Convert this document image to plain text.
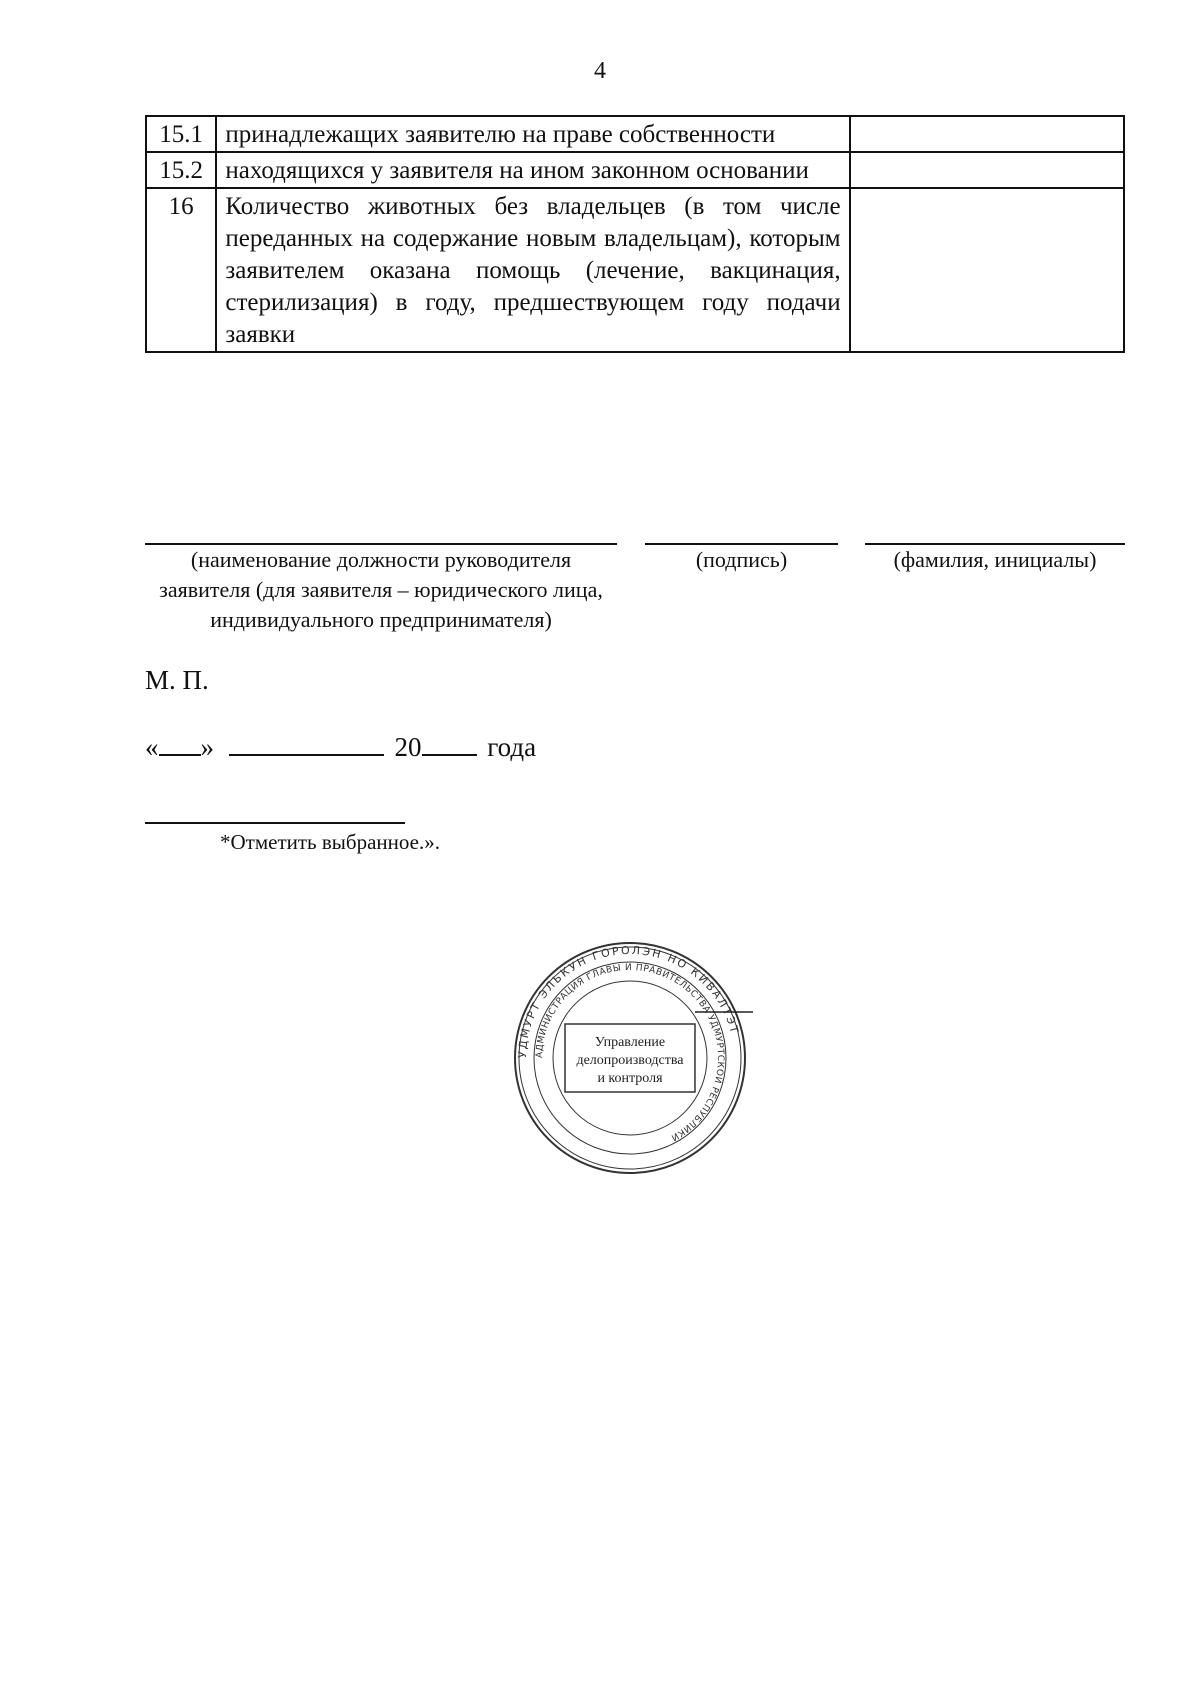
4
15.1	принадлежащих заявителю на праве собственности	
15.2	находящихся у заявителя на ином законном основании	
16	Количество животных без владельцев (в том числе переданных на содержание новым владельцам), которым заявителем оказана помощь (лечение, вакцинация, стерилизация) в году, предшествующем году подачи заявки	
(наименование должности руководителя заявителя (для заявителя – юридического лица, индивидуального предпринимателя)
(подпись)	(фамилия, инициалы)
М. П.
« »	20 года
*Отметить выбранное.».
УДМУРТ ЭЛЬКУН ГОРОЛЭН НО КИВАЛТЭТ
АДМИНИСТРАЦИЯ ГЛАВЫ И ПРАВИТЕЛЬСТВА УДМУРТСКОЙ РЕСПУБЛИКИ
Управление
делопроизводства
и контроля
